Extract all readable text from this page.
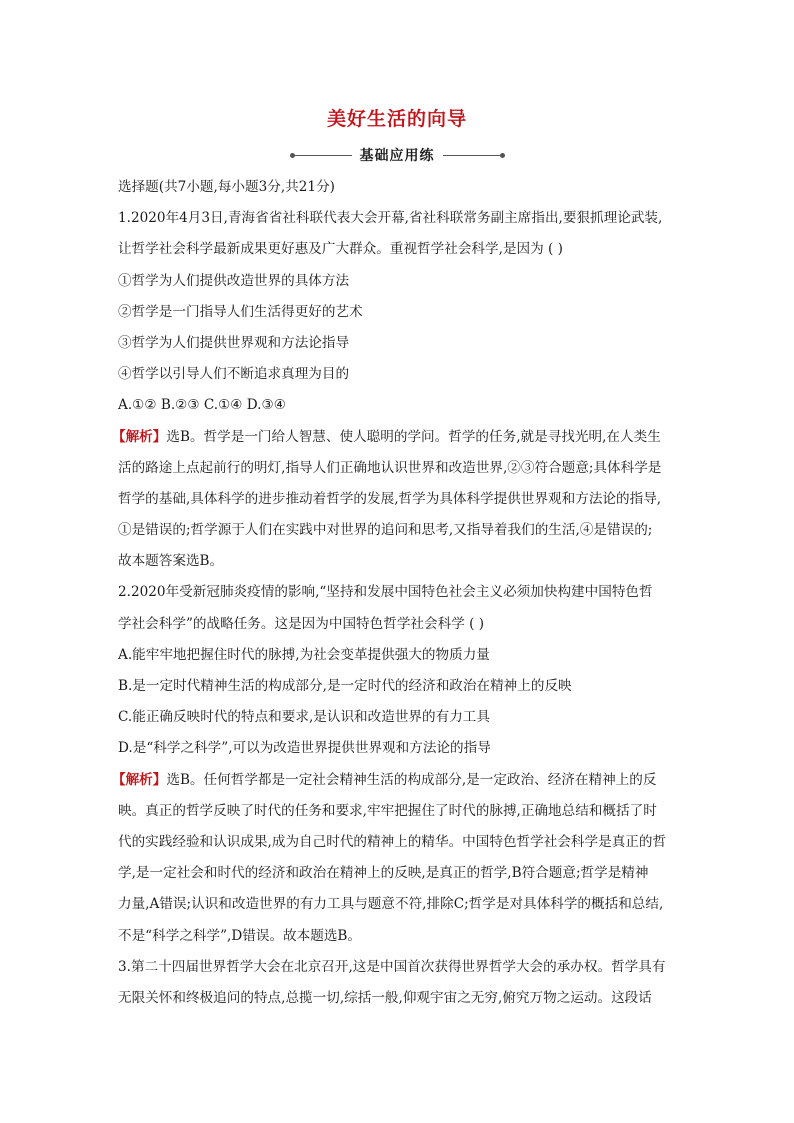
美好生活的向导
基础应用练
选择题(共7小题,每小题3分,共21分)
1.2020年4月3日,青海省省社科联代表大会开幕,省社科联常务副主席指出,要狠抓理论武装,
让哲学社会科学最新成果更好惠及广大群众。重视哲学社会科学,是因为 ( )
①哲学为人们提供改造世界的具体方法
②哲学是一门指导人们生活得更好的艺术
③哲学为人们提供世界观和方法论指导
④哲学以引导人们不断追求真理为目的
A.①② B.②③ C.①④ D.③④
【解析】选B。哲学是一门给人智慧、使人聪明的学问。哲学的任务,就是寻找光明,在人类生
活的路途上点起前行的明灯,指导人们正确地认识世界和改造世界,②③符合题意;具体科学是
哲学的基础,具体科学的进步推动着哲学的发展,哲学为具体科学提供世界观和方法论的指导,
①是错误的;哲学源于人们在实践中对世界的追问和思考,又指导着我们的生活,④是错误的;
故本题答案选B。
2.2020年受新冠肺炎疫情的影响,“坚持和发展中国特色社会主义必须加快构建中国特色哲
学社会科学”的战略任务。这是因为中国特色哲学社会科学 ( )
A.能牢牢地把握住时代的脉搏,为社会变革提供强大的物质力量
B.是一定时代精神生活的构成部分,是一定时代的经济和政治在精神上的反映
C.能正确反映时代的特点和要求,是认识和改造世界的有力工具
D.是“科学之科学”,可以为改造世界提供世界观和方法论的指导
【解析】选B。任何哲学都是一定社会精神生活的构成部分,是一定政治、经济在精神上的反
映。真正的哲学反映了时代的任务和要求,牢牢把握住了时代的脉搏,正确地总结和概括了时
代的实践经验和认识成果,成为自己时代的精神上的精华。中国特色哲学社会科学是真正的哲
学,是一定社会和时代的经济和政治在精神上的反映,是真正的哲学,B符合题意;哲学是精神
力量,A错误;认识和改造世界的有力工具与题意不符,排除C;哲学是对具体科学的概括和总结,
不是“科学之科学”,D错误。故本题选B。
3.第二十四届世界哲学大会在北京召开,这是中国首次获得世界哲学大会的承办权。哲学具有
无限关怀和终极追问的特点,总揽一切,综括一般,仰观宇宙之无穷,俯究万物之运动。这段话
